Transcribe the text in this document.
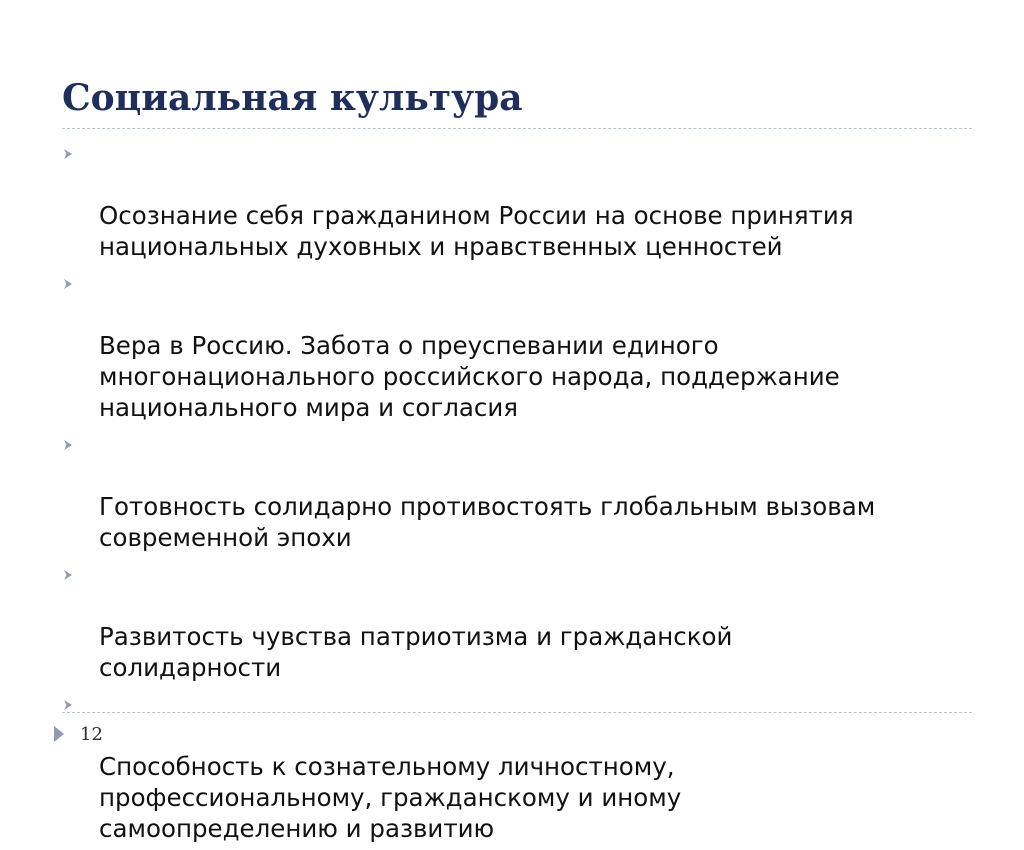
Социальная культура

Осознание себя гражданином России на основе принятия
национальных духовных и нравственных ценностей

Вера в Россию. Забота о преуспевании единого
многонационального российского народа, поддержание
национального мира и согласия

Готовность солидарно противостоять глобальным вызовам
современной эпохи

Развитость чувства патриотизма и гражданской
солидарности

Способность к сознательному личностному,
профессиональному, гражданскому и иному
самоопределению и развитию

12
